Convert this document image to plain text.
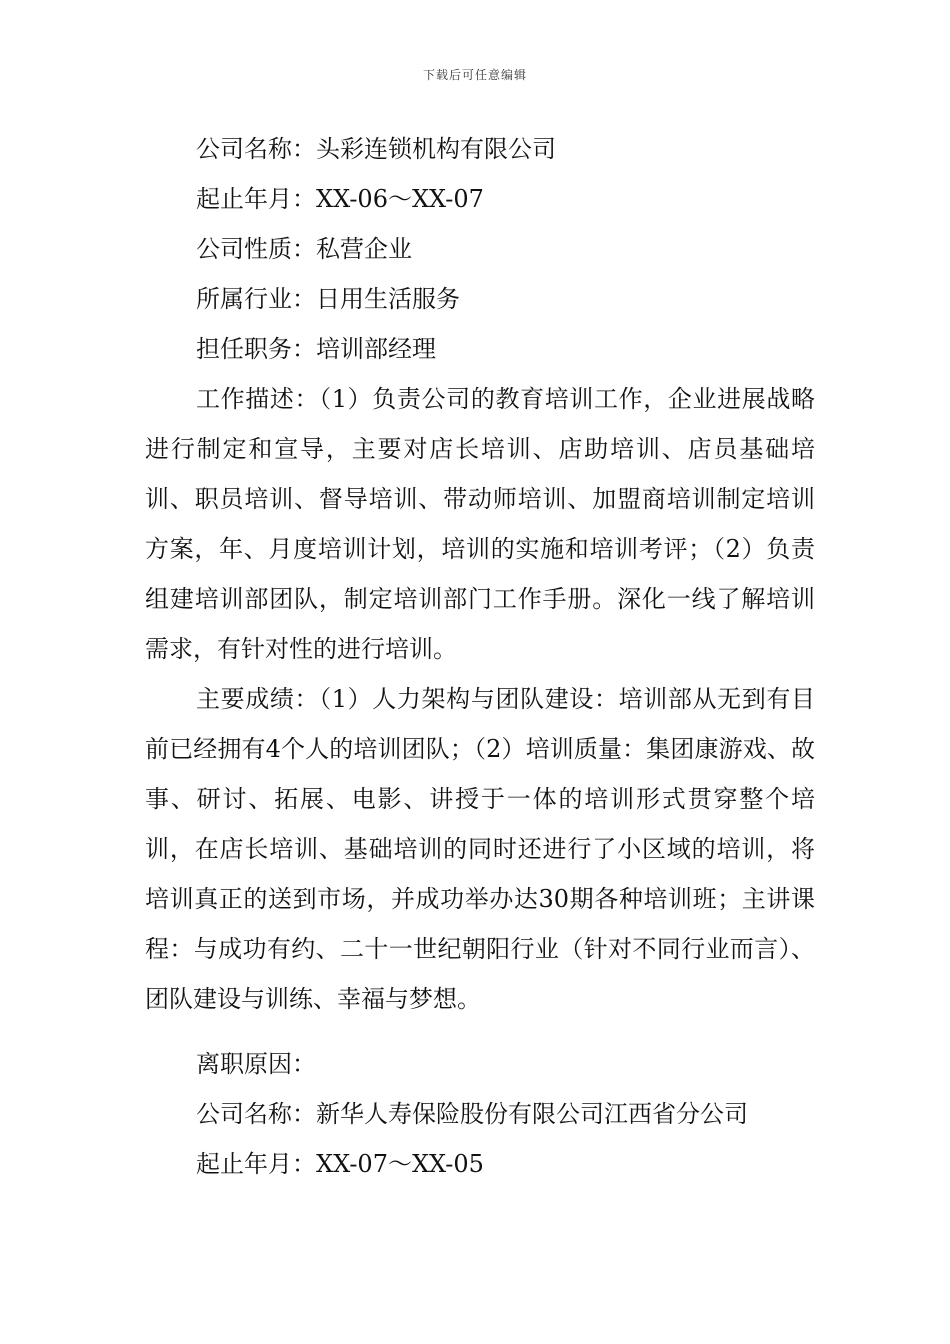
下载后可任意编辑
公司名称：头彩连锁机构有限公司
起止年月：XX-06～XX-07
公司性质：私营企业
所属行业：日用生活服务
担任职务：培训部经理

工作描述：（1）负责公司的教育培训工作，企业进展战略进行制定和宣导，主要对店长培训、店助培训、店员基础培训、职员培训、督导培训、带动师培训、加盟商培训制定培训方案，年、月度培训计划，培训的实施和培训考评；（2）负责组建培训部团队，制定培训部门工作手册。深化一线了解培训需求，有针对性的进行培训。

主要成绩：（1）人力架构与团队建设：培训部从无到有目前已经拥有4个人的培训团队；（2）培训质量：集团康游戏、故事、研讨、拓展、电影、讲授于一体的培训形式贯穿整个培训，在店长培训、基础培训的同时还进行了小区域的培训，将培训真正的送到市场，并成功举办达30期各种培训班；主讲课程：与成功有约、二十一世纪朝阳行业（针对不同行业而言）、团队建设与训练、幸福与梦想。

离职原因：
公司名称：新华人寿保险股份有限公司江西省分公司
起止年月：XX-07～XX-05
